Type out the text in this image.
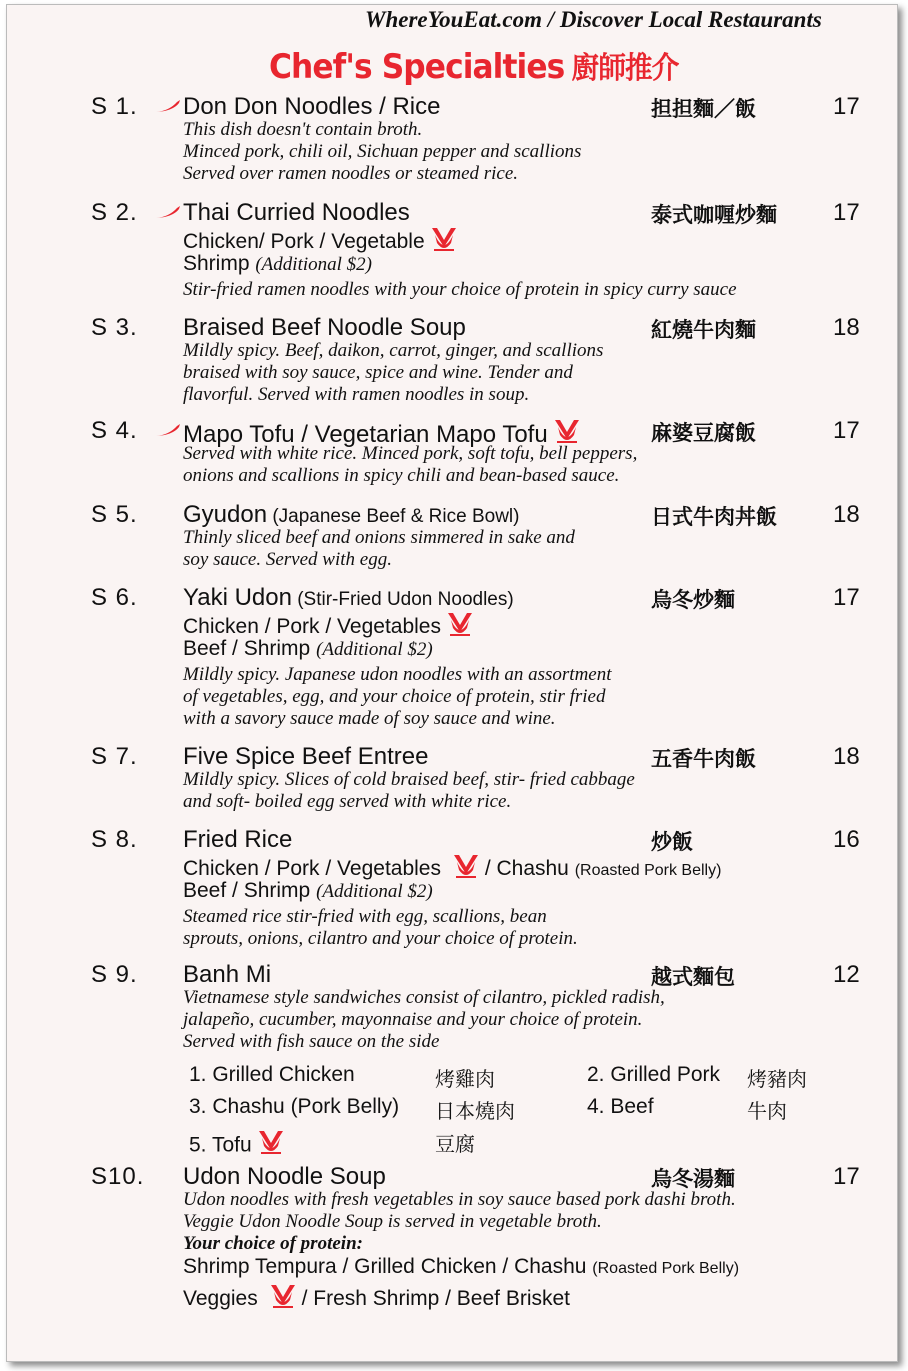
WhereYouEat.com / Discover Local Restaurants
Chef's Specialties 廚師推介
S 1. Don Don Noodles / Rice	担担麵／飯	17
This dish doesn't contain broth.
Minced pork, chili oil, Sichuan pepper and scallions
Served over ramen noodles or steamed rice.
S 2. Thai Curried Noodles	泰式咖喱炒麵 17
Chicken/ Pork / Vegetable
Shrimp (Additional $2)
Stir-fried ramen noodles with your choice of protein in spicy curry sauce
S 3. Braised Beef Noodle Soup	紅燒牛肉麵	18
Mildly spicy. Beef, daikon, carrot, ginger, and scallions
braised with soy sauce, spice and wine. Tender and
flavorful. Served with ramen noodles in soup.
S 4. Mapo Tofu / Vegetarian Mapo Tofu	麻婆豆腐飯	17
Served with white rice. Minced pork, soft tofu, bell peppers,
onions and scallions in spicy chili and bean-based sauce.
S 5. Gyudon (Japanese Beef & Rice Bowl)	日式牛肉丼飯 18
Thinly sliced beef and onions simmered in sake and
soy sauce. Served with egg.
S 6. Yaki Udon (Stir-Fried Udon Noodles)	烏冬炒麵	17
Chicken / Pork / Vegetables
Beef / Shrimp (Additional $2)
Mildly spicy. Japanese udon noodles with an assortment
of vegetables, egg, and your choice of protein, stir fried
with a savory sauce made of soy sauce and wine.
S 7. Five Spice Beef Entree	五香牛肉飯	18
Mildly spicy. Slices of cold braised beef, stir- fried cabbage
and soft- boiled egg served with white rice.
S 8. Fried Rice	炒飯	16
Chicken / Pork / Vegetables / Chashu (Roasted Pork Belly)
Beef / Shrimp (Additional $2)
Steamed rice stir-fried with egg, scallions, bean
sprouts, onions, cilantro and your choice of protein.
S 9. Banh Mi	越式麵包	12
Vietnamese style sandwiches consist of cilantro, pickled radish,
jalapeño, cucumber, mayonnaise and your choice of protein.
Served with fish sauce on the side
S10. Udon Noodle Soup	烏冬湯麵	17
Udon noodles with fresh vegetables in soy sauce based pork dashi broth.
Veggie Udon Noodle Soup is served in vegetable broth.
Your choice of protein:
Shrimp Tempura / Grilled Chicken / Chashu (Roasted Pork Belly)
Veggies / Fresh Shrimp / Beef Brisket
1. Grilled Chicken	烤雞肉	2. Grilled Pork 烤豬肉
3. Chashu (Pork Belly) 日本燒肉	4. Beef	牛肉
5. Tofu	豆腐
